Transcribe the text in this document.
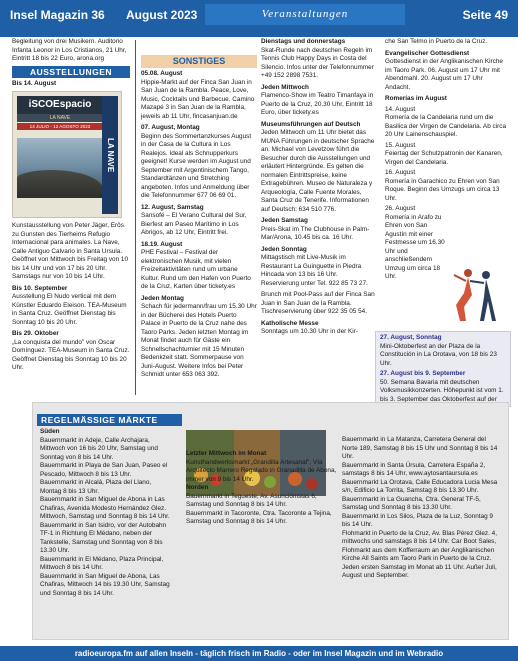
Insel Magazin 36 August 2023	Veranstaltungen	Seite 49

Begleitung von drei Musikern. Auditorio Infanta Leonor in Los Cristianos, 21 Uhr, Eintritt 18 bis 22 Euro, arona.org

AUSSTELLUNGEN

Bis 14. August

iSCOEspacio
LA NAVE
14 JULIO - 12 AGOSTO 2023
LA NAVE

Kunstausstellung von Peter Jäger, Erôs zu Gunsten des Tierheims Refugio Internacional para animales. La Nave, Calle Antiguo Calvario in Santa Ursula. Geöffnet von Mittwoch bis Freitag von 10 bis 14 Uhr und von 17 bis 20 Uhr. Samstags nur von 10 bis 14 Uhr.

Bis 10. September

Ausstellung El Nudo vertical mit dem Künstler Eduardo Eleison. TEA-Museum in Santa Cruz. Geöffnet Dienstag bis Sonntag 10 bis 20 Uhr.

Bis 29. Oktober

„La conquista del mundo" von Oscar Domínguez. TEA-Museum in Santa Cruz. Geöffnet Dienstag bis Sonntag 10 bis 20 Uhr.

SONSTIGES

05.08. August

Hippie-Markt auf der Finca San Juan in San Juan de la Rambla. Peace, Love, Music, Cocktails und Barbecue. Camino Mazapé 3 in San Juan de la Rambla, jeweils ab 11 Uhr, fincasanjuan.de

07. August, Montag

Beginn des Sommertanzkurses August in der Casa de la Cultura in Los Realejos. Ideal als Schnupperkurs geeignet! Kurse werden im August und September mit Argentinischem Tango, Standardtänzen und Stretching angeboten. Infos und Anmeldung über die Telefonnummer 677 06 69 01.

12. August, Samstag

Sansofé – El Verano Cultural del Sur, Bierfest am Paseo Marítimo in Los Abrigos, ab 12 Uhr, Eintritt frei.

18.19. August

PHE Festival – Festival der elektronischen Musik, mit vielen Freizeitaktivitäten rund um urbane Kultur. Rund um den Hafen von Puerto de la Cruz, Karten über tickety.es

Jeden Montag

Schach für jedermann/frau um 15.30 Uhr in der Bücherei des Hotels Puerto Palace in Puerto de la Cruz nahe des Taoro Parks. Jeden letzten Montag im Monat findet auch für Gäste ein Schnellschachturnier mit 15 Minuten Bedenkzeit statt. Sommerpause von Juni-August. Weitere Infos bei Peter Schmidt unter 653 063 392.

Dienstags und donnerstags

Skat-Runde nach deutschen Regeln im Tennis Club Happy Days in Costa del Silencio. Infos unter der Telefonnummer +49 152 2898 7531.

Jeden Mittwoch

Flamenco-Show im Teatro Timanfaya in Puerto de la Cruz, 20.30 Uhr, Eintritt 18 Euro, über tickety.es

Museumsführungen auf Deutsch

Jeden Mittwoch um 11 Uhr bietet das MUNA Führungen in deutscher Sprache an. Michael von Levetzow führt die Besucher durch die Ausstellungen und erläutert Hintergründe. Es gelten die normalen Eintrittspreise, keine Extragebühren. Museo de Naturaleza y Arqueología, Calle Fuente Morales, Santa Cruz de Tenerife. Informationen auf Deutsch: 634 510 776.

Jeden Samstag

Preis-Skat im The Clubhouse in Palm-Mar/Arona, 10.45 bis ca. 16 Uhr.

Jeden Sonntag

Mittagstisch mit Live-Musik im Restaurant La Guinguette in Piedra Hincada von 13 bis 16 Uhr. Reservierung unter Tel. 922 85 73 27.

Brunch mit Pool-Pass auf der Finca San Juan in San Juan de la Rambla. Tischreservierung über 922 35 05 54.

Katholische Messe

Sonntags um 10.30 Uhr in der Kir-

che San Telmo in Puerto de la Cruz.

Evangelischer Gottesdienst

Gottesdienst in der Anglikanischen Kirche im Taoro Park. 06. August um 17 Uhr mit Abendmahl. 20. August um 17 Uhr Andacht.

Romerías im August

14. August

Romería de la Candelaria rund um die Basilica der Virgen de Candelaria. Ab circa 20 Uhr Lainenschauspiel.

15. August

Feiertag der Schutzpatronin der Kanaren, Virgen del Candelaria.

16. August

Romería in Garachico zu Ehren von San Roque. Beginn des Umzugs um circa 13 Uhr.

26. August

Romería in Arafo zu Ehren von San Agustín mit einer Festmesse um 16.30 Uhr und anschließendem Umzug um circa 18 Uhr.

27. August, Sonntag

Mini-Oktoberfest an der Plaza de la Constitución in La Orotava, von 18 bis 23 Uhr.

27. August bis 9. September

50. Semana Bavaria mit deutschen Volksmusikkonzerten. Höhepunkt ist vom 1. bis 3. September das Oktoberfest auf der

REGELMÄSSIGE MÄRKTE

Süden

Bauernmarkt in Adeje, Calle Archajara, Mittwoch von 16 bis 20 Uhr, Samstag und Sonntag von 8 bis 14 Uhr.

Bauernmarkt in Playa de San Juan, Paseo el Pescado, Mittwoch 8 bis 13 Uhr.

Bauernmarkt in Alcalá, Plaza del Llano, Montag 8 bis 13 Uhr.

Bauernmarkt in San Miguel de Abona in Las Chafiras, Avenida Modesto Hernández Glez. Mittwoch, Samstag und Sonntag 8 bis 14 Uhr.

Bauernmarkt in San Isidro, vor der Autobahn TF-1 in Richtung El Médano, neben der Tankstelle, Samstag und Sonntag von 8 bis 13.30 Uhr.

Bauernmarkt in El Médano, Plaza Principal, Mittwoch 8 bis 14 Uhr.

Bauernmarkt in San Miguel de Abona, Las Chafiras, Mittwoch 14 bis 19.30 Uhr, Samstag und Sonntag 8 bis 14 Uhr.

Letzter Mittwoch im Monat

Kunsthandwerksmarkt „Grandilla Artesanal", Vía Arquitecto Marrero Regalado in Granadilla de Abona, immer von 9 bis 14 Uhr.

Norden

Bauernmarkt in Tegueste, Av. Asunciónistas 6, Samstag und Sonntag 8 bis 14 Uhr.

Bauernmarkt in Tacoronte, Ctra. Tacoronte a Tejina, Samstag und Sonntag 8 bis 14 Uhr.

Bauernmarkt in La Matanza, Carretera General del Norte 189, Samstag 8 bis 15 Uhr und Sonntag 8 bis 14 Uhr.

Bauernmarkt in Santa Úrsula, Carretera España 2, samstags 8 bis 14 Uhr, www.aytosantaursula.es

Bauernmarkt La Orotava, Calle Educadora Lucia Mesa s/n, Edificio La Torrita, Samstag 8 bis 13.30 Uhr.

Bauernmarkt in La Guancha, Ctra. General TF-5, Samstag und Sonntag 8 bis 13.30 Uhr.

Bauernmarkt in Los Silos, Plaza de la Luz, Sonntag 9 bis 14 Uhr.

Flohmarkt in Puerto de la Cruz, Av. Blas Pérez Glez. 4, mittwochs und samstags 8 bis 14 Uhr. Car Boot Sales, Flohmarkt aus dem Kofferraum an der Anglikanischen Kirche All Saints am Taoro Park in Puerto de la Cruz. Jeden ersten Samstag im Monat ab 11 Uhr. Außer Juli, August und September.

radioeuropa.fm auf allen Inseln - täglich frisch im Radio - oder im Insel Magazin und im Webradio
